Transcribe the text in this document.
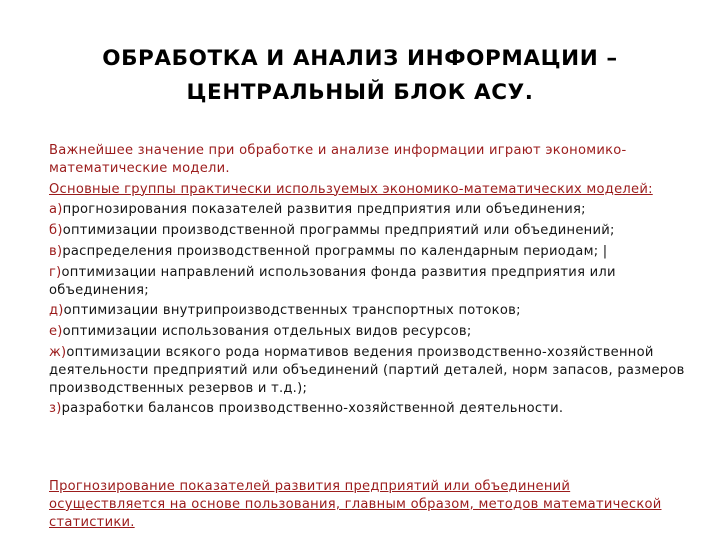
ОБРАБОТКА И АНАЛИЗ ИНФОРМАЦИИ – ЦЕНТРАЛЬНЫЙ БЛОК АСУ.

Важнейшее значение при обработке и анализе информации играют экономико-математические модели.

Основные группы практически используемых экономико-математических моделей:

а)прогнозирования показателей развития предприятия или объединения;

б)оптимизации производственной программы предприятий или объединений;

в)распределения производственной программы по календарным периодам; |

г)оптимизации направлений использования фонда развития предприятия или объединения;

д)оптимизации внутрипроизводственных транспортных потоков;

е)оптимизации использования отдельных видов ресурсов;

ж)оптимизации всякого рода нормативов ведения производственно-хозяйственной деятельности предприятий или объединений (партий деталей, норм запасов, размеров производственных резервов и т.д.);

з)разработки балансов производственно-хозяйственной деятельности.

Прогнозирование показателей развития предприятий или объединений осуществляется на основе пользования, главным образом, методов математической статистики.
